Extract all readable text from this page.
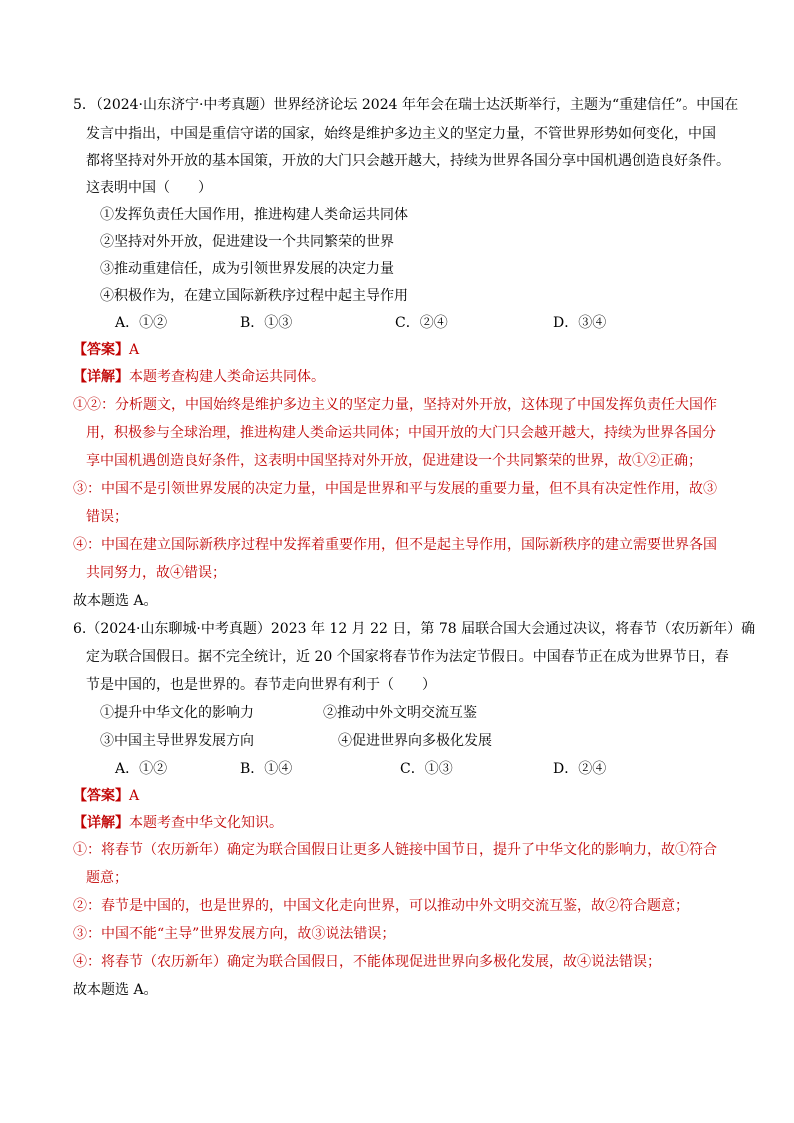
5．（2024·山东济宁·中考真题）世界经济论坛 2024 年年会在瑞士达沃斯举行，主题为“重建信任”。中国在
发言中指出，中国是重信守诺的国家，始终是维护多边主义的坚定力量，不管世界形势如何变化，中国
都将坚持对外开放的基本国策，开放的大门只会越开越大，持续为世界各国分享中国机遇创造良好条件。
这表明中国（　　）
①发挥负责任大国作用，推进构建人类命运共同体
②坚持对外开放，促进建设一个共同繁荣的世界
③推动重建信任，成为引领世界发展的决定力量
④积极作为，在建立国际新秩序过程中起主导作用
A．①②	B．①③	C．②④	D．③④
【答案】A
【详解】本题考查构建人类命运共同体。
①②：分析题文，中国始终是维护多边主义的坚定力量，坚持对外开放，这体现了中国发挥负责任大国作
用，积极参与全球治理，推进构建人类命运共同体；中国开放的大门只会越开越大，持续为世界各国分
享中国机遇创造良好条件，这表明中国坚持对外开放，促进建设一个共同繁荣的世界，故①②正确；
③：中国不是引领世界发展的决定力量，中国是世界和平与发展的重要力量，但不具有决定性作用，故③
错误；
④：中国在建立国际新秩序过程中发挥着重要作用，但不是起主导作用，国际新秩序的建立需要世界各国
共同努力，故④错误；
故本题选 A。
6.（2024·山东聊城·中考真题）2023 年 12 月 22 日，第 78 届联合国大会通过决议，将春节（农历新年）确
定为联合国假日。据不完全统计，近 20 个国家将春节作为法定节假日。中国春节正在成为世界节日，春
节是中国的，也是世界的。春节走向世界有利于（　　）
①提升中华文化的影响力	②推动中外文明交流互鉴
③中国主导世界发展方向	④促进世界向多极化发展
A．①②	B．①④	C．①③	D．②④
【答案】A
【详解】本题考查中华文化知识。
①：将春节（农历新年）确定为联合国假日让更多人链接中国节日，提升了中华文化的影响力，故①符合
题意；
②：春节是中国的，也是世界的，中国文化走向世界，可以推动中外文明交流互鉴，故②符合题意；
③：中国不能“主导”世界发展方向，故③说法错误；
④：将春节（农历新年）确定为联合国假日，不能体现促进世界向多极化发展，故④说法错误；
故本题选 A。
